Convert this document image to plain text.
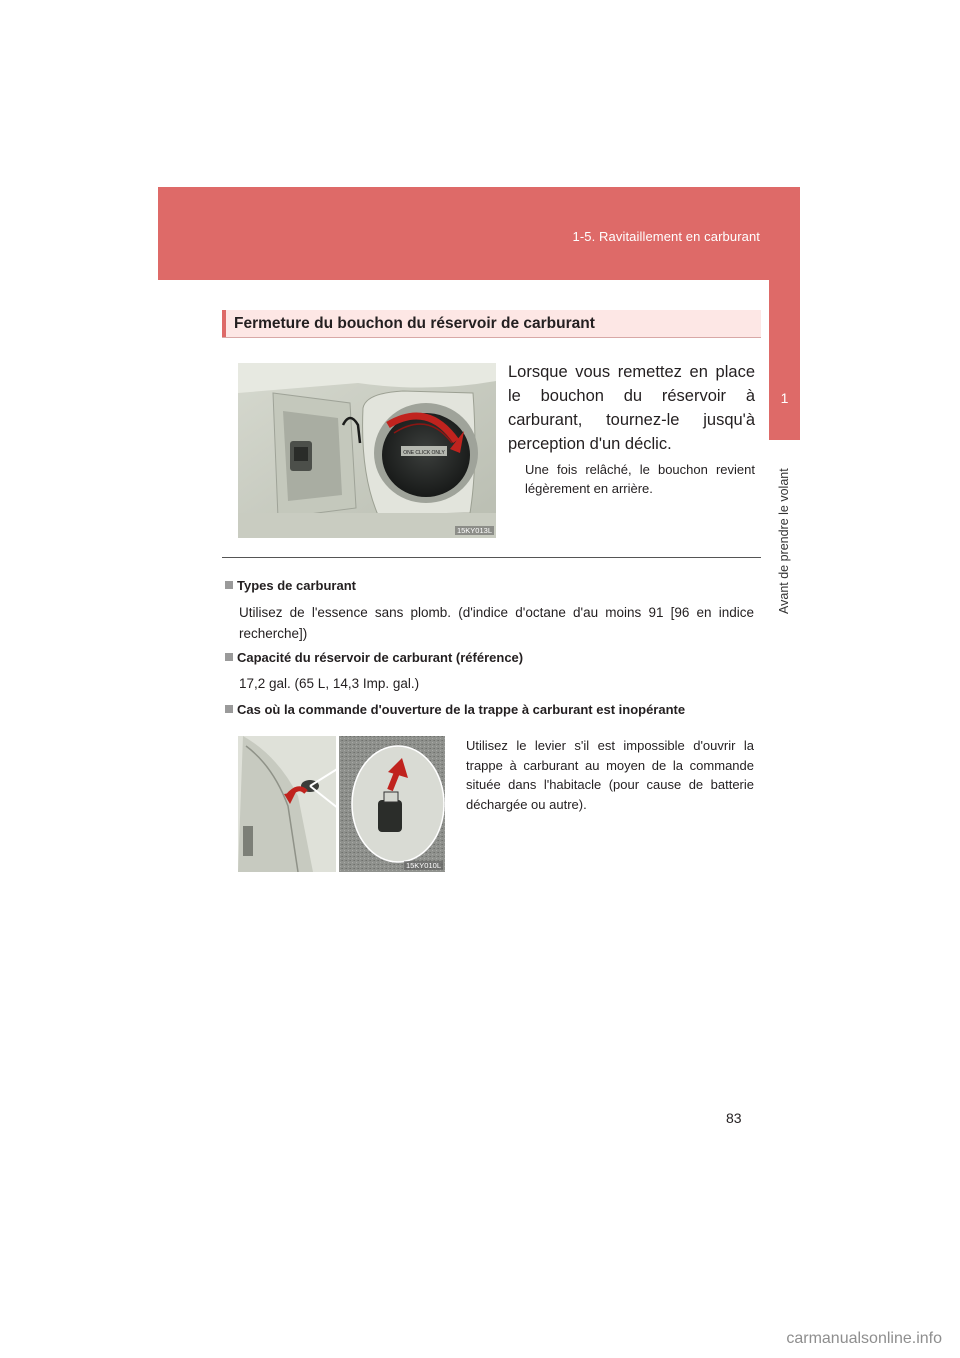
1-5. Ravitaillement en carburant
1
Avant de prendre le volant
Fermeture du bouchon du réservoir de carburant
ONE CLICK ONLY
15KY013L
Lorsque vous remettez en place le bouchon du réservoir à carburant, tournez-le jusqu'à perception d'un déclic.
Une fois relâché, le bouchon revient légèrement en arrière.
Types de carburant
Utilisez de l'essence sans plomb. (d'indice d'octane d'au moins 91 [96 en indice recherche])
Capacité du réservoir de carburant (référence)
17,2 gal. (65 L, 14,3 Imp. gal.)
Cas où la commande d'ouverture de la trappe à carburant est inopérante
15KY010L
Utilisez le levier s'il est impossible d'ouvrir la trappe à carburant au moyen de la commande située dans l'habitacle (pour cause de batterie déchargée ou autre).
83
carmanualsonline.info
